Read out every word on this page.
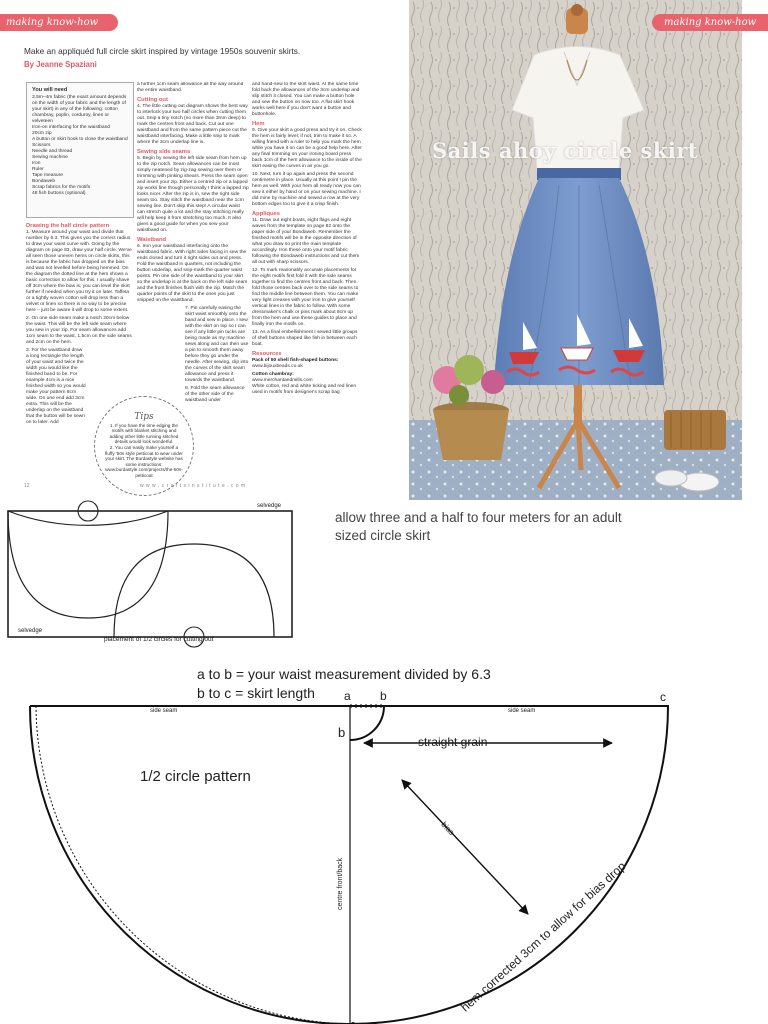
making know-how
Make an appliquéd full circle skirt inspired by vintage 1950s souvenir skirts.
By Jeanne Spaziani
You will need
3.5m–4m fabric (the exact amount depends on the width of your fabric and the length of your skirt) in any of the following: cotton chambray, poplin, corduroy, linen or velveteen
Iron-on interfacing for the waistband
20cm zip
A button or skirt hook to close the waistband
Scissors
Needle and thread
Sewing machine
Iron
Ruler
Tape measure
Bondaweb
Scrap fabrics for the motifs
48 fish buttons (optional)
Drawing the half circle pattern

1. Measure around your waist and divide that number by 6.3. This gives you the correct radius to draw your waist curve with. Going by the diagram on page 83, draw your half circle. We've all seen those uneven hems on circle skirts, this is because the fabric has dropped on the bias and was not levelled before being hemmed. On the diagram the dotted line at the hem shows a basic correction to allow for this. I usually shave off 3cm where the bias is, you can level the skirt further if needed when you try it on later. Taffeta or a tightly woven cotton will drop less than a velvet or linen so there is no way to be precise here – just be aware it will drop to some extent.

2. On one side seam make a notch 20cm below the waist. This will be the left side seam where you sew in your zip. For seam allowances add 1cm seam to the waist, 1.5cm on the side seams and 2cm on the hem.

3. For the waistband draw a long rectangle the length of your waist and twice the width you would like the finished band to be. For example 4cm is a nice finished width so you would make your pattern 8cm wide. On one end add 3cm extra. This will be the underlap on the waistband that the button will be sewn on to later. Add

a further 1cm seam allowance all the way around the entire waistband.

Cutting out

4. The little cutting out diagram shows the best way to interlock your two half circles when cutting them out. Snip a tiny notch (no more than 3mm deep) to mark the centres front and back. Cut out one waistband and from the same pattern piece cut the waistband interfacing. Make a little snip to mark where the 3cm underlap line is.

Sewing side seams

5. Begin by sewing the left side seam from hem up to the zip notch. Seam allowances can be most simply neatened by zig-zag sewing over them or trimming with pinking shears. Press the seam open and insert your zip. Either a centred zip or a lapped zip works fine though personally I think a lapped zip looks nicer. After the zip is in, sew the right side seam too. Stay stitch the waistband near the 1cm sewing line. Don't skip this step! A circular waist can stretch quite a lot and the stay stitching really will help keep it from stretching too much. It also gives a good guide for when you sew your waistband on.

Waistband

6. Iron your waistband interfacing onto the waistband fabric. With right sides facing in sew the ends closed and turn it right sides out and press. Fold the waistband in quarters, not including the button underlap, and snip-mark the quarter waist points. Pin one side of the waistband to your skirt so the underlap is at the back on the left side seam and the front finishes flush with the zip. Match the quarter points of the skirt to the ones you just snipped on the waistband.

7. Pin carefully easing the skirt waist smoothly onto the band and sew in place. I sew with the skirt on top so I can see if any little pin tucks are being made as my machine sews along and can then use a pin to smooth them away before they go under the needle. After sewing, clip into the curves of the skirt seam allowance and press it towards the waistband.

8. Fold the seam allowance of the other side of the waistband under

and hand-sew to the skirt waist. At the same time fold back the allowances of the 3cm underlap and slip stitch it closed. You can make a button hole and sew the button on now too. A flat skirt hook works well here if you don't want a button and buttonhole.

Hem

9. Give your skirt a good press and try it on. Check the hem is fairly level; if not, trim to make it so. A willing friend with a ruler to help you mark the hem while you have it on can be a good help here. After any final trimming on your ironing board press back 1cm of the hem allowance to the inside of the skirt easing the curves in as you go.

10. Next, turn it up again and press the second centimetre in place. Usually at this point I pin the hem as well. With your hem all ready now you can sew it either by hand or on your sewing machine. I did mine by machine and sewed a row at the very bottom edges too to give it a crisp finish.

Appliques

11. Draw out eight boats, eight flags and eight waves from the template on page 82 onto the paper side of your Bondaweb. Remember the finished motifs will be in the opposite direction of what you draw so print the main template accordingly. Iron these onto your motif fabric following the Bondaweb instructions and cut them all out with sharp scissors.

12. To mark reasonably accurate placements for the eight motifs first fold it with the side seams together to find the centres front and back. Then fold those centres back over to the side seams to find the middle line between them. You can make very light creases with your iron to give yourself vertical lines in the fabric to follow. With some dressmaker's chalk or pins mark about 8cm up from the hem and use these guides to place and finally iron the motifs on.

13. As a final embellishment I sewed little groups of shell buttons shaped like fish in between each boat.

Resources

Pack of 50 shell fish-shaped buttons:
www.bijouxbeads.co.uk

Cotton chambray:
www.merchantandmills.com
White cotton, red and white ticking and red linen used in motifs from designer's scrap bag

Tips
1. If you have the time edging the motifs with blanket stitching and adding other little running stitched details would look wonderful.
2. You can easily make yourself a fluffy '50s style petticoat to wear under your skirt. The Burdastyle website has some instructions: www.burdastyle.com/projects/the-50s-petticoat
12	w w w . c r a f t s i n s t i t u t e . c o m
Sails ahoy circle skirt
making know-how
selvedge
selvedge
placement of 1/2 circles for cutting out
allow three and a half to four meters for an adult sized circle skirt
a to b = your waist measurement divided by 6.3
b to c = skirt length a b
b
c
side seam	side seam
straight grain
1/2 circle pattern
bias
centre front/back	hem corrected 3cm to allow for bias drop
